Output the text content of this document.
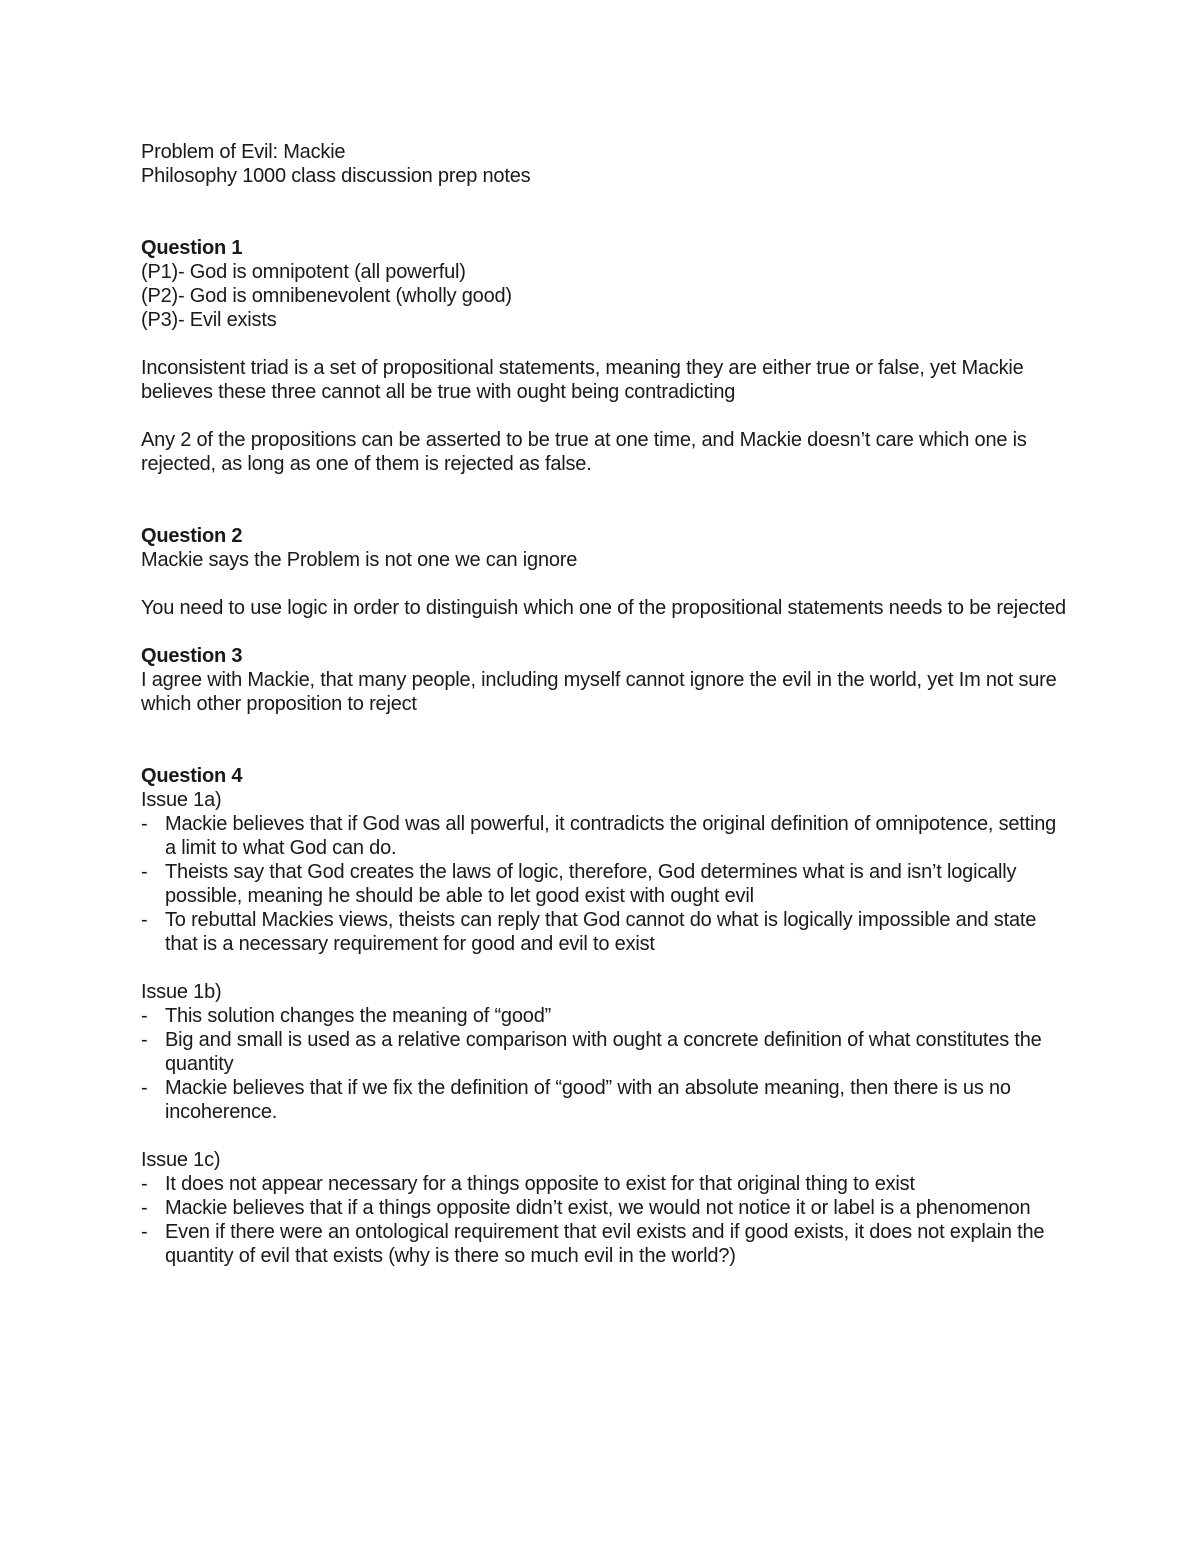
Problem of Evil: Mackie

Philosophy 1000 class discussion prep notes

Question 1

(P1)- God is omnipotent (all powerful)

(P2)- God is omnibenevolent (wholly good)

(P3)- Evil exists

Inconsistent triad is a set of propositional statements, meaning they are either true or false, yet Mackie believes these three cannot all be true with ought being contradicting

Any 2 of the propositions can be asserted to be true at one time, and Mackie doesn’t care which one is rejected, as long as one of them is rejected as false.

Question 2

Mackie says the Problem is not one we can ignore

You need to use logic in order to distinguish which one of the propositional statements needs to be rejected

Question 3

I agree with Mackie, that many people, including myself cannot ignore the evil in the world, yet Im not sure which other proposition to reject

Question 4

Issue 1a)

- Mackie believes that if God was all powerful, it contradicts the original definition of omnipotence, setting a limit to what God can do.
- Theists say that God creates the laws of logic, therefore, God determines what is and isn’t logically possible, meaning he should be able to let good exist with ought evil
- To rebuttal Mackies views, theists can reply that God cannot do what is logically impossible and state that is a necessary requirement for good and evil to exist

Issue 1b)

- This solution changes the meaning of “good”
- Big and small is used as a relative comparison with ought a concrete definition of what constitutes the quantity
- Mackie believes that if we fix the definition of “good” with an absolute meaning, then there is us no incoherence.

Issue 1c)

- It does not appear necessary for a things opposite to exist for that original thing to exist
- Mackie believes that if a things opposite didn’t exist, we would not notice it or label is a phenomenon
- Even if there were an ontological requirement that evil exists and if good exists, it does not explain the quantity of evil that exists (why is there so much evil in the world?)
